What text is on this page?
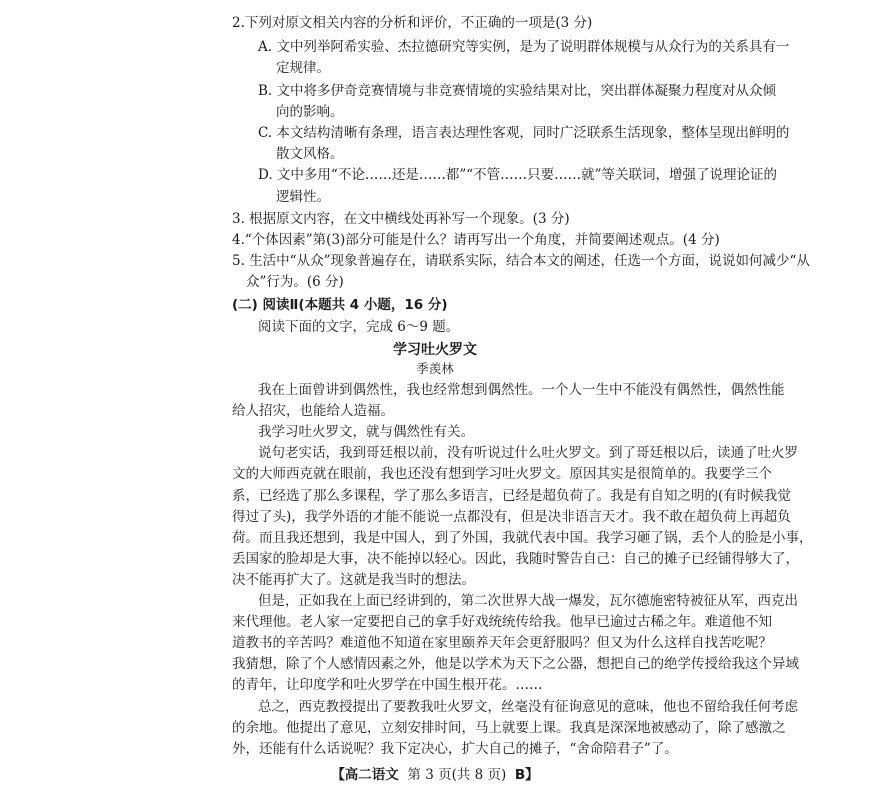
2.下列对原文相关内容的分析和评价，不正确的一项是(3 分)
A. 文中列举阿希实验、杰拉德研究等实例，是为了说明群体规模与从众行为的关系具有一
定规律。
B. 文中将多伊奇竞赛情境与非竞赛情境的实验结果对比，突出群体凝聚力程度对从众倾
向的影响。
C. 本文结构清晰有条理，语言表达理性客观，同时广泛联系生活现象，整体呈现出鲜明的
散文风格。
D. 文中多用“不论……还是……都”“不管……只要……就”等关联词，增强了说理论证的
逻辑性。
3. 根据原文内容，在文中横线处再补写一个现象。(3 分)
4.“个体因素”第(3)部分可能是什么？请再写出一个角度，并简要阐述观点。(4 分)
5. 生活中“从众”现象普遍存在，请联系实际，结合本文的阐述，任选一个方面，说说如何减少“从
众”行为。(6 分)
(二) 阅读Ⅱ(本题共 4 小题，16 分)
阅读下面的文字，完成 6～9 题。
学习吐火罗文
季羡林
我在上面曾讲到偶然性，我也经常想到偶然性。一个人一生中不能没有偶然性，偶然性能
给人招灾，也能给人造福。
我学习吐火罗文，就与偶然性有关。
说句老实话，我到哥廷根以前，没有听说过什么吐火罗文。到了哥廷根以后，读通了吐火罗
文的大师西克就在眼前，我也还没有想到学习吐火罗文。原因其实是很简单的。我要学三个
系，已经选了那么多课程，学了那么多语言，已经是超负荷了。我是有自知之明的(有时候我觉
得过了头)，我学外语的才能不能说一点都没有，但是决非语言天才。我不敢在超负荷上再超负
荷。而且我还想到，我是中国人，到了外国，我就代表中国。我学习砸了锅，丢个人的脸是小事，
丢国家的脸却是大事，决不能掉以轻心。因此，我随时警告自己：自己的摊子已经铺得够大了，
决不能再扩大了。这就是我当时的想法。
但是，正如我在上面已经讲到的，第二次世界大战一爆发，瓦尔德施密特被征从军，西克出
来代理他。老人家一定要把自己的拿手好戏统统传给我。他早已逾过古稀之年。难道他不知
道教书的辛苦吗？难道他不知道在家里颐养天年会更舒服吗？但又为什么这样自找苦吃呢？
我猜想，除了个人感情因素之外，他是以学术为天下之公器，想把自己的绝学传授给我这个异域
的青年，让印度学和吐火罗学在中国生根开花。……
总之，西克教授提出了要教我吐火罗文，丝毫没有征询意见的意味，他也不留给我任何考虑
的余地。他提出了意见，立刻安排时间，马上就要上课。我真是深深地被感动了，除了感激之
外，还能有什么话说呢？我下定决心，扩大自己的摊子，“舍命陪君子”了。
【高二语文 第 3 页(共 8 页) B】
